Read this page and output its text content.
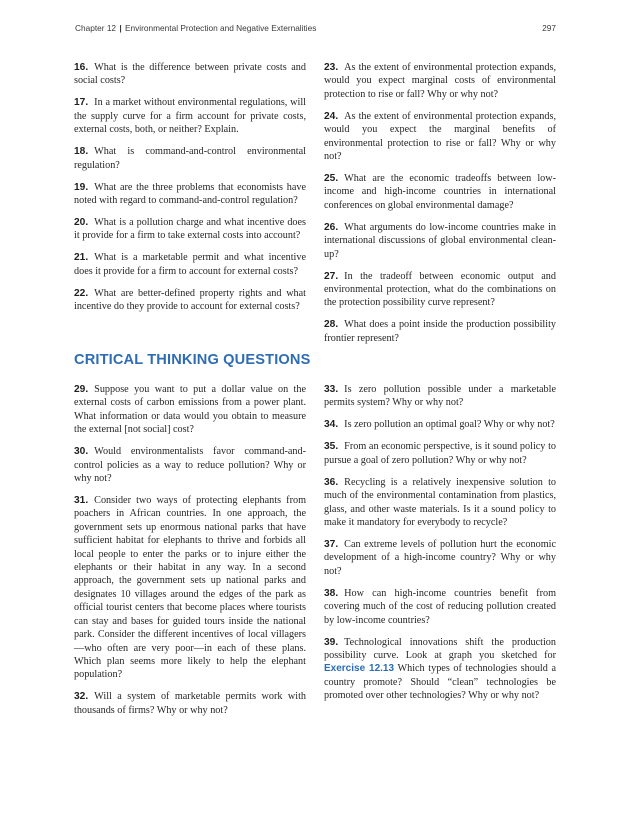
Chapter 12 | Environmental Protection and Negative Externalities	297

16. What is the difference between private costs and social costs?

17. In a market without environmental regulations, will the supply curve for a firm account for private costs, external costs, both, or neither? Explain.

18. What is command-and-control environmental regulation?

19. What are the three problems that economists have noted with regard to command-and-control regulation?

20. What is a pollution charge and what incentive does it provide for a firm to take external costs into account?

21. What is a marketable permit and what incentive does it provide for a firm to account for external costs?

22. What are better-defined property rights and what incentive do they provide to account for external costs?

23. As the extent of environmental protection expands, would you expect marginal costs of environmental protection to rise or fall? Why or why not?

24. As the extent of environmental protection expands, would you expect the marginal benefits of environmental protection to rise or fall? Why or why not?

25. What are the economic tradeoffs between low-income and high-income countries in international conferences on global environmental damage?

26. What arguments do low-income countries make in international discussions of global environmental clean-up?

27. In the tradeoff between economic output and environmental protection, what do the combinations on the protection possibility curve represent?

28. What does a point inside the production possibility frontier represent?

CRITICAL THINKING QUESTIONS

29. Suppose you want to put a dollar value on the external costs of carbon emissions from a power plant. What information or data would you obtain to measure the external [not social] cost?

30. Would environmentalists favor command-and-control policies as a way to reduce pollution? Why or why not?

31. Consider two ways of protecting elephants from poachers in African countries. In one approach, the government sets up enormous national parks that have sufficient habitat for elephants to thrive and forbids all local people to enter the parks or to injure either the elephants or their habitat in any way. In a second approach, the government sets up national parks and designates 10 villages around the edges of the park as official tourist centers that become places where tourists can stay and bases for guided tours inside the national park. Consider the different incentives of local villagers—who often are very poor—in each of these plans. Which plan seems more likely to help the elephant population?

32. Will a system of marketable permits work with thousands of firms? Why or why not?

33. Is zero pollution possible under a marketable permits system? Why or why not?

34. Is zero pollution an optimal goal? Why or why not?

35. From an economic perspective, is it sound policy to pursue a goal of zero pollution? Why or why not?

36. Recycling is a relatively inexpensive solution to much of the environmental contamination from plastics, glass, and other waste materials. Is it a sound policy to make it mandatory for everybody to recycle?

37. Can extreme levels of pollution hurt the economic development of a high-income country? Why or why not?

38. How can high-income countries benefit from covering much of the cost of reducing pollution created by low-income countries?

39. Technological innovations shift the production possibility curve. Look at graph you sketched for Exercise 12.13 Which types of technologies should a country promote? Should “clean” technologies be promoted over other technologies? Why or why not?
